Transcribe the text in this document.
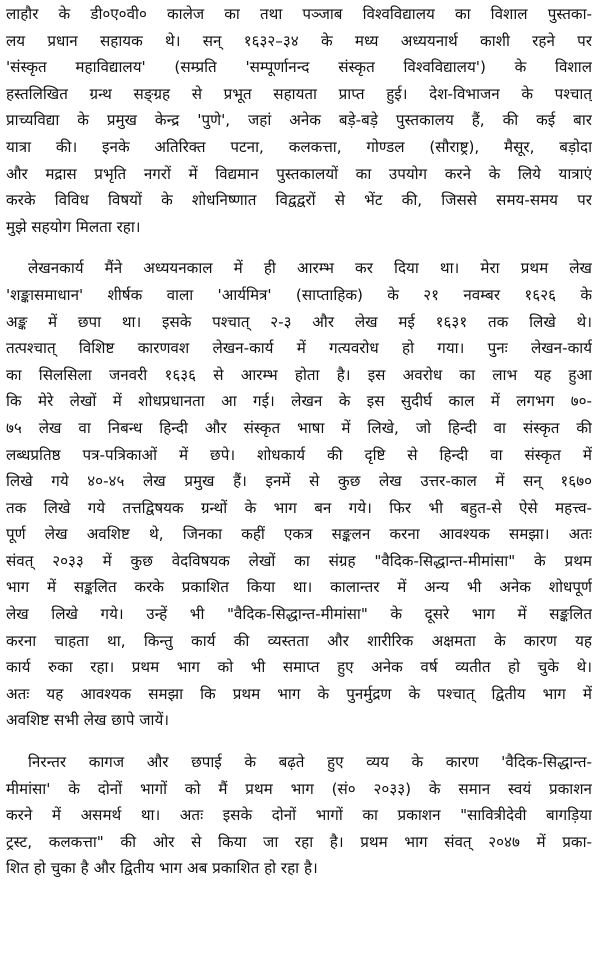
लाहौर के डी०ए०वी० कालेज का तथा पञ्जाब विश्वविद्यालय का विशाल पुस्तका-
लय प्रधान सहायक थे। सन् १६३२–३४ के मध्य अध्ययनार्थ काशी रहने पर
'संस्कृत महाविद्यालय' (सम्प्रति 'सम्पूर्णानन्द संस्कृत विश्वविद्यालय') के विशाल
हस्तलिखित ग्रन्थ सङ्ग्रह से प्रभूत सहायता प्राप्त हुई। देश-विभाजन के पश्चात्
प्राच्यविद्या के प्रमुख केन्द्र 'पुणे', जहां अनेक बड़े-बड़े पुस्तकालय हैं, की कई बार
यात्रा की। इनके अतिरिक्त पटना, कलकत्ता, गोण्डल (सौराष्ट्र), मैसूर, बड़ोदा
और मद्रास प्रभृति नगरों में विद्यमान पुस्तकालयों का उपयोग करने के लिये यात्राएं
करके विविध विषयों के शोधनिष्णात विद्वद्वरों से भेंट की, जिससे समय-समय पर
मुझे सहयोग मिलता रहा।
लेखनकार्य मैंने अध्ययनकाल में ही आरम्भ कर दिया था। मेरा प्रथम लेख
'शङ्कासमाधान' शीर्षक वाला 'आर्यमित्र' (साप्ताहिक) के २१ नवम्बर १६२६ के
अङ्क में छपा था। इसके पश्चात् २-३ और लेख मई १६३१ तक लिखे थे।
तत्पश्चात् विशिष्ट कारणवश लेखन-कार्य में गत्यवरोध हो गया। पुनः लेखन-कार्य
का सिलसिला जनवरी १६३६ से आरम्भ होता है। इस अवरोध का लाभ यह हुआ
कि मेरे लेखों में शोधप्रधानता आ गई। लेखन के इस सुदीर्घ काल में लगभग ७०-
७५ लेख वा निबन्ध हिन्दी और संस्कृत भाषा में लिखे, जो हिन्दी वा संस्कृत की
लब्धप्रतिष्ठ पत्र-पत्रिकाओं में छपे। शोधकार्य की दृष्टि से हिन्दी वा संस्कृत में
लिखे गये ४०-४५ लेख प्रमुख हैं। इनमें से कुछ लेख उत्तर-काल में सन् १६७०
तक लिखे गये तत्तद्विषयक ग्रन्थों के भाग बन गये। फिर भी बहुत-से ऐसे महत्त्व-
पूर्ण लेख अवशिष्ट थे, जिनका कहीं एकत्र सङ्कलन करना आवश्यक समझा। अतः
संवत् २०३३ में कुछ वेदविषयक लेखों का संग्रह "वैदिक-सिद्धान्त-मीमांसा" के प्रथम
भाग में सङ्कलित करके प्रकाशित किया था। कालान्तर में अन्य भी अनेक शोधपूर्ण
लेख लिखे गये। उन्हें भी "वैदिक-सिद्धान्त-मीमांसा" के दूसरे भाग में सङ्कलित
करना चाहता था, किन्तु कार्य की व्यस्तता और शारीरिक अक्षमता के कारण यह
कार्य रुका रहा। प्रथम भाग को भी समाप्त हुए अनेक वर्ष व्यतीत हो चुके थे।
अतः यह आवश्यक समझा कि प्रथम भाग के पुनर्मुद्रण के पश्चात् द्वितीय भाग में
अवशिष्ट सभी लेख छापे जायें।
निरन्तर कागज और छपाई के बढ़ते हुए व्यय के कारण 'वैदिक-सिद्धान्त-
मीमांसा' के दोनों भागों को मैं प्रथम भाग (सं० २०३३) के समान स्वयं प्रकाशन
करने में असमर्थ था। अतः इसके दोनों भागों का प्रकाशन "सावित्रीदेवी बागड़िया
ट्रस्ट, कलकत्ता" की ओर से किया जा रहा है। प्रथम भाग संवत् २०४७ में प्रका-
शित हो चुका है और द्वितीय भाग अब प्रकाशित हो रहा है।
